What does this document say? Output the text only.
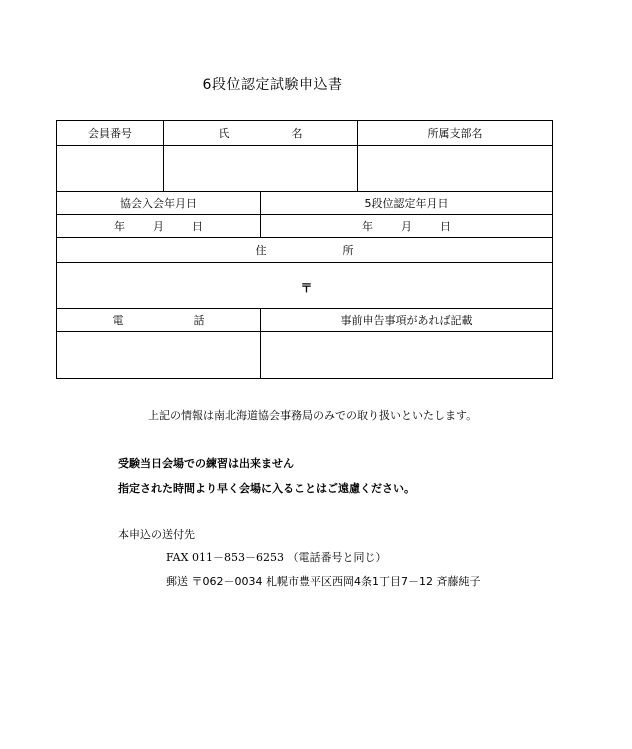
6段位認定試験申込書
会員番号	氏 名		所属支部名

協会入会年月日		5段位認定年月日	
年 月 日		年 月 日	
住 所			
〒			
電 話		事前申告事項があれば記載	

上記の情報は南北海道協会事務局のみでの取り扱いといたします。
受験当日会場での練習は出来ません
指定された時間より早く会場に入ることはご遠慮ください。
本申込の送付先
FAX 011－853－6253 （電話番号と同じ）
郵送 〒062－0034 札幌市豊平区西岡4条1丁目7－12 斉藤純子
